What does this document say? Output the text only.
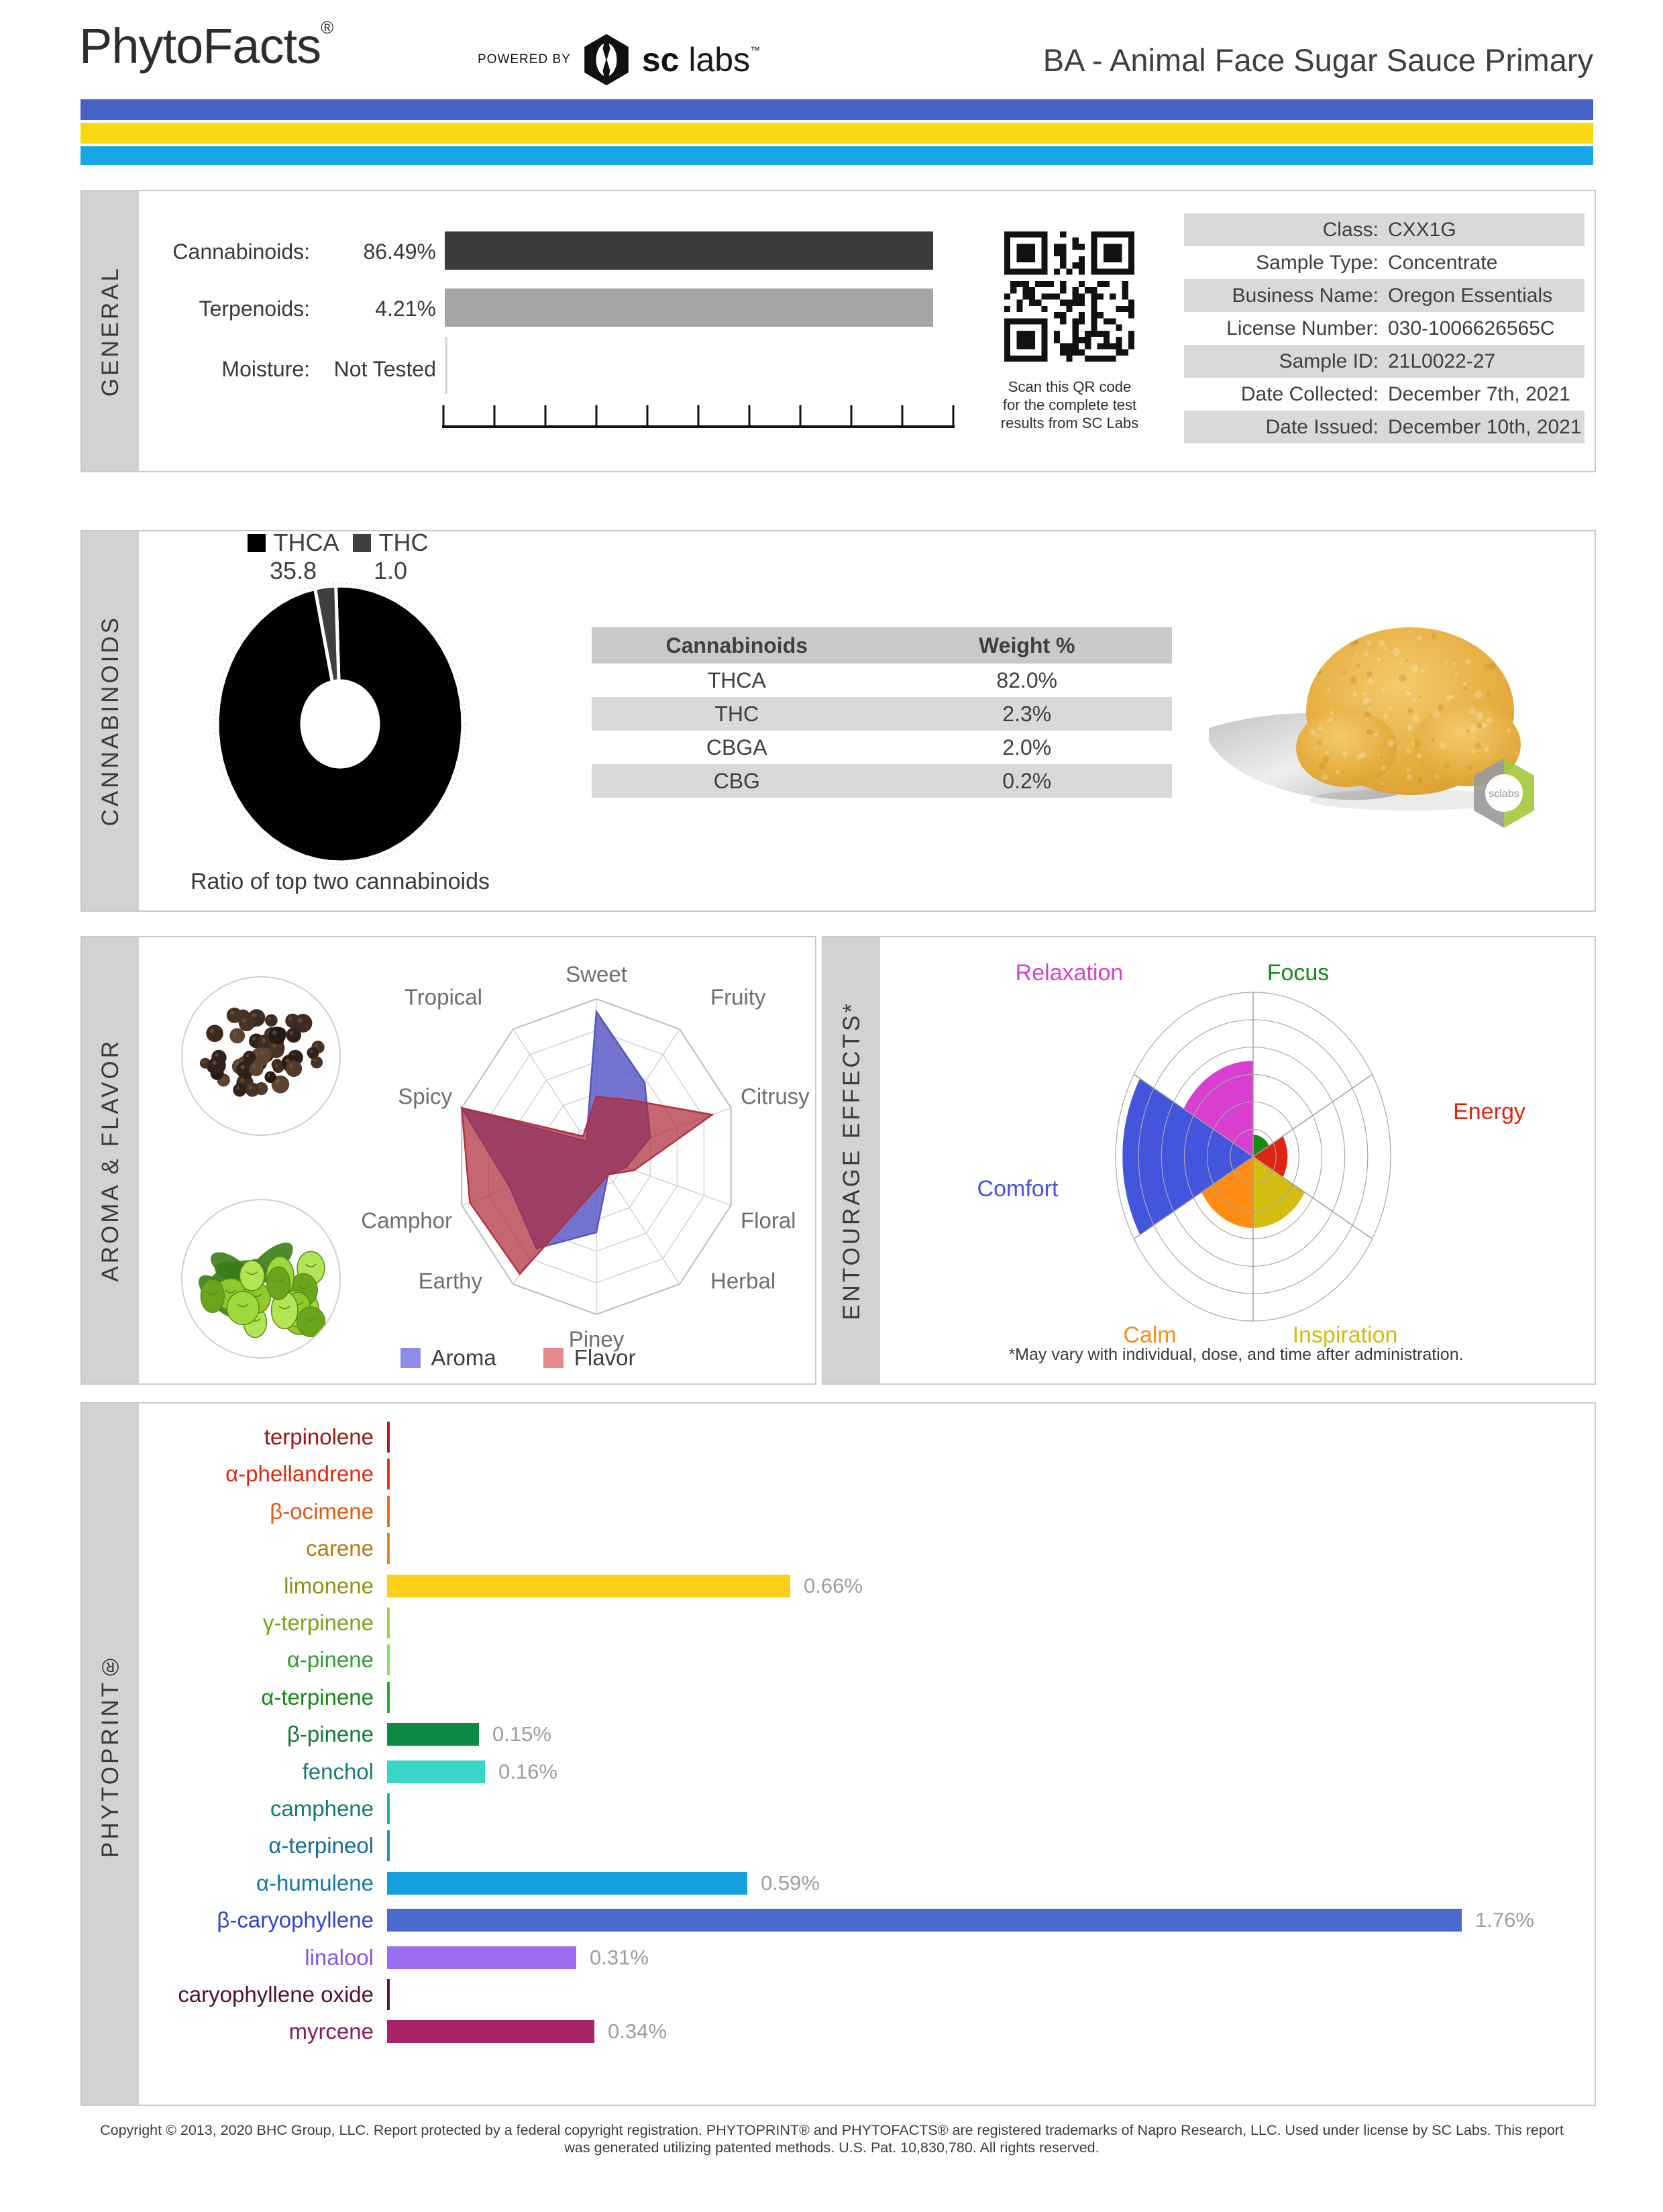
PhytoFacts®
POWERED BY sc labs™	BA - Animal Face Sugar Sauce Primary
GENERAL
Cannabinoids:	86.49%
Terpenoids:	4.21%
Moisture:	Not Tested
Scan this QR code
for the complete test
results from SC Labs
Class: CXX1G
Sample Type: Concentrate
Business Name: Oregon Essentials
License Number: 030-1006626565C
Sample ID: 21L0022-27
Date Collected: December 7th, 2021
Date Issued: December 10th, 2021
CANNABINOIDS
THCA
35.8
THC
1.0
Ratio of top two cannabinoids
Cannabinoids	Weight %
THCA	82.0%
THC	2.3%
CBGA	2.0%
CBG	0.2%
sclabs
AROMA & FLAVOR
Sweet
Fruity
Citrusy
Floral
Herbal
Piney
Earthy
Camphor
Spicy
Tropical
Aroma	Flavor
ENTOURAGE EFFECTS*
Focus
Energy
Inspiration
Calm
Comfort
Relaxation
*May vary with individual, dose, and time after administration.
PHYTOPRINT®
terpinolene
α-phellandrene
β-ocimene
carene
limonene	0.66%
γ-terpinene
α-pinene
α-terpinene
β-pinene	0.15%
fenchol	0.16%
camphene
α-terpineol
α-humulene	0.59%
β-caryophyllene	1.76%
linalool	0.31%
caryophyllene oxide
myrcene	0.34%
Copyright © 2013, 2020 BHC Group, LLC. Report protected by a federal copyright registration. PHYTOPRINT® and PHYTOFACTS® are registered trademarks of Napro Research, LLC. Used under license by SC Labs. This report
was generated utilizing patented methods. U.S. Pat. 10,830,780. All rights reserved.
